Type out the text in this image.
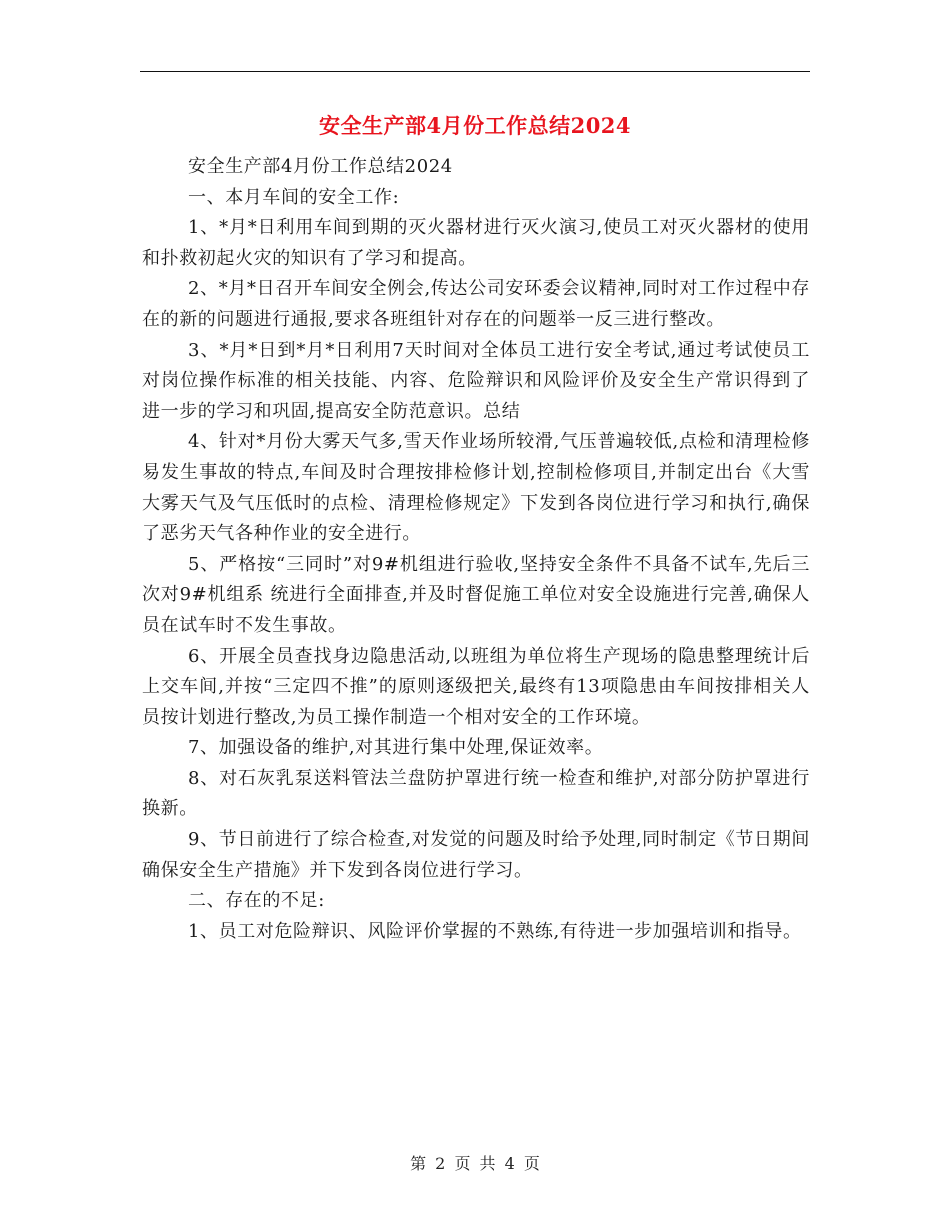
安全生产部4月份工作总结2024

安全生产部4月份工作总结2024

一、本月车间的安全工作:

1、*月*日利用车间到期的灭火器材进行灭火演习,使员工对灭火器材的使用和扑救初起火灾的知识有了学习和提高。

2、*月*日召开车间安全例会,传达公司安环委会议精神,同时对工作过程中存在的新的问题进行通报,要求各班组针对存在的问题举一反三进行整改。

3、*月*日到*月*日利用7天时间对全体员工进行安全考试,通过考试使员工对岗位操作标准的相关技能、内容、危险辩识和风险评价及安全生产常识得到了进一步的学习和巩固,提高安全防范意识。总结

4、针对*月份大雾天气多,雪天作业场所较滑,气压普遍较低,点检和清理检修易发生事故的特点,车间及时合理按排检修计划,控制检修项目,并制定出台《大雪大雾天气及气压低时的点检、清理检修规定》下发到各岗位进行学习和执行,确保了恶劣天气各种作业的安全进行。

5、严格按“三同时”对9#机组进行验收,坚持安全条件不具备不试车,先后三次对9#机组系 统进行全面排查,并及时督促施工单位对安全设施进行完善,确保人员在试车时不发生事故。

6、开展全员查找身边隐患活动,以班组为单位将生产现场的隐患整理统计后上交车间,并按“三定四不推”的原则逐级把关,最终有13项隐患由车间按排相关人员按计划进行整改,为员工操作制造一个相对安全的工作环境。

7、加强设备的维护,对其进行集中处理,保证效率。

8、对石灰乳泵送料管法兰盘防护罩进行统一检查和维护,对部分防护罩进行换新。

9、节日前进行了综合检查,对发觉的问题及时给予处理,同时制定《节日期间确保安全生产措施》并下发到各岗位进行学习。

二、存在的不足:

1、员工对危险辩识、风险评价掌握的不熟练,有待进一步加强培训和指导。

第 2 页 共 4 页
